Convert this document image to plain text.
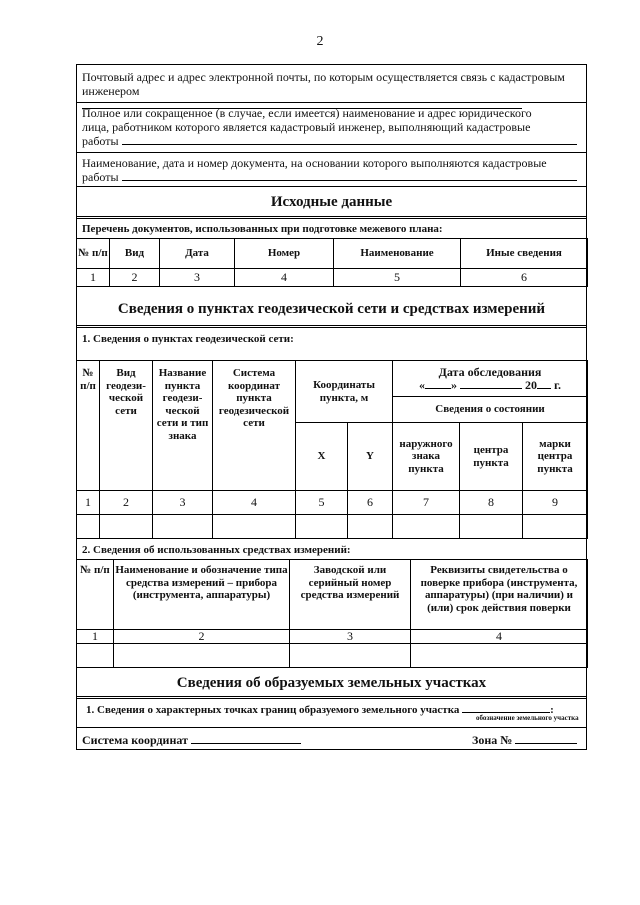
2
Почтовый адрес и адрес электронной почты, по которым осуществляется связь с кадастровым
инженером
Полное или сокращенное (в случае, если имеется) наименование и адрес юридического
лица, работником которого является кадастровый инженер, выполняющий кадастровые
работы
Наименование, дата и номер документа, на основании которого выполняются кадастровые
работы
Исходные данные
Перечень документов, использованных при подготовке межевого плана:
№ п/п	Вид	Дата	Номер	Наименование	Иные сведения
1	2	3	4	5	6
Сведения о пунктах геодезической сети и средствах измерений
1. Сведения о пунктах геодезической сети:
№ п/п	Вид геодези-ческой сети	Название пункта геодези-ческой сети и тип знака	Система координат пункта геодезической сети	Координаты пункта, м		Дата обследования
« » 20 г.		

						Сведения о состоянии		
				X	Y	наружного знака пункта	центра пункта	марки центра пункта
1	2	3	4	5	6	7	8	9

2. Сведения об использованных средствах измерений:
№ п/п	Наименование и обозначение типа средства измерений – прибора (инструмента, аппаратуры)	Заводской или серийный номер средства измерений	Реквизиты свидетельства о поверке прибора (инструмента, аппаратуры) (при наличии) и (или) срок действия поверки
1	2	3	4

Сведения об образуемых земельных участках
1. Сведения о характерных точках границ образуемого земельного участка	:
обозначение земельного участка
Система координат	Зона №
